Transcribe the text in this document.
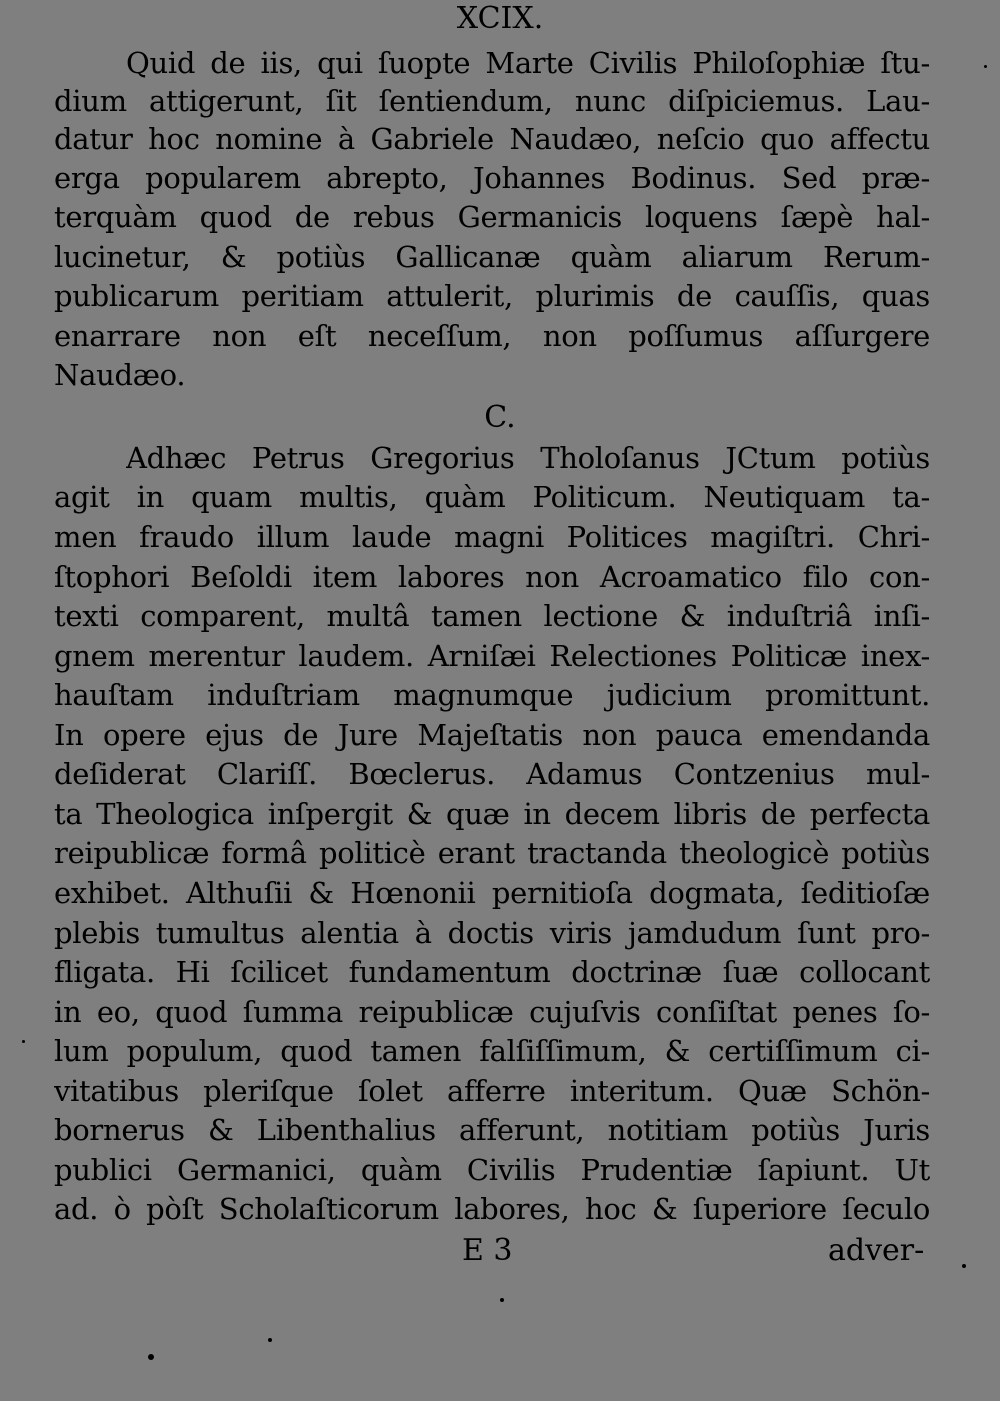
XCIX.
Quid de iis, qui ſuopte Marte Civilis Philoſophiæ ſtu-
dium attigerunt, ſit ſentiendum, nunc diſpiciemus. Lau-
datur hoc nomine à Gabriele Naudæo, neſcio quo affectu
erga popularem abrepto, Johannes Bodinus. Sed præ-
terquàm quod de rebus Germanicis loquens ſæpè hal-
lucinetur, & potiùs Gallicanæ quàm aliarum Rerum-
publicarum peritiam attulerit, plurimis de cauſſis, quas
enarrare non eſt neceſſum, non poſſumus aſſurgere
Naudæo.
C.
Adhæc Petrus Gregorius Tholoſanus JCtum potiùs
agit in quam multis, quàm Politicum. Neutiquam ta-
men fraudo illum laude magni Politices magiſtri. Chri-
ſtophori Beſoldi item labores non Acroamatico filo con-
texti comparent, multâ tamen lectione & induſtriâ inſi-
gnem merentur laudem. Arniſæi Relectiones Politicæ inex-
hauſtam induſtriam magnumque judicium promittunt.
In opere ejus de Jure Majeſtatis non pauca emendanda
deſiderat Clariſſ. Bœclerus. Adamus Contzenius mul-
ta Theologica inſpergit & quæ in decem libris de perfecta
reipublicæ formâ politicè erant tractanda theologicè potiùs
exhibet. Althuſii & Hœnonii pernitioſa dogmata, ſeditioſæ
plebis tumultus alentia à doctis viris jamdudum ſunt pro-
fligata. Hi ſcilicet fundamentum doctrinæ ſuæ collocant
in eo, quod ſumma reipublicæ cujuſvis conſiſtat penes ſo-
lum populum, quod tamen falſiſſimum, & certiſſimum ci-
vitatibus pleriſque ſolet afferre interitum. Quæ Schön-
bornerus & Libenthalius afferunt, notitiam potiùs Juris
publici Germanici, quàm Civilis Prudentiæ ſapiunt. Ut
ad. ò pòſt Scholaſticorum labores, hoc & ſuperiore ſeculo
E 3	adver-
